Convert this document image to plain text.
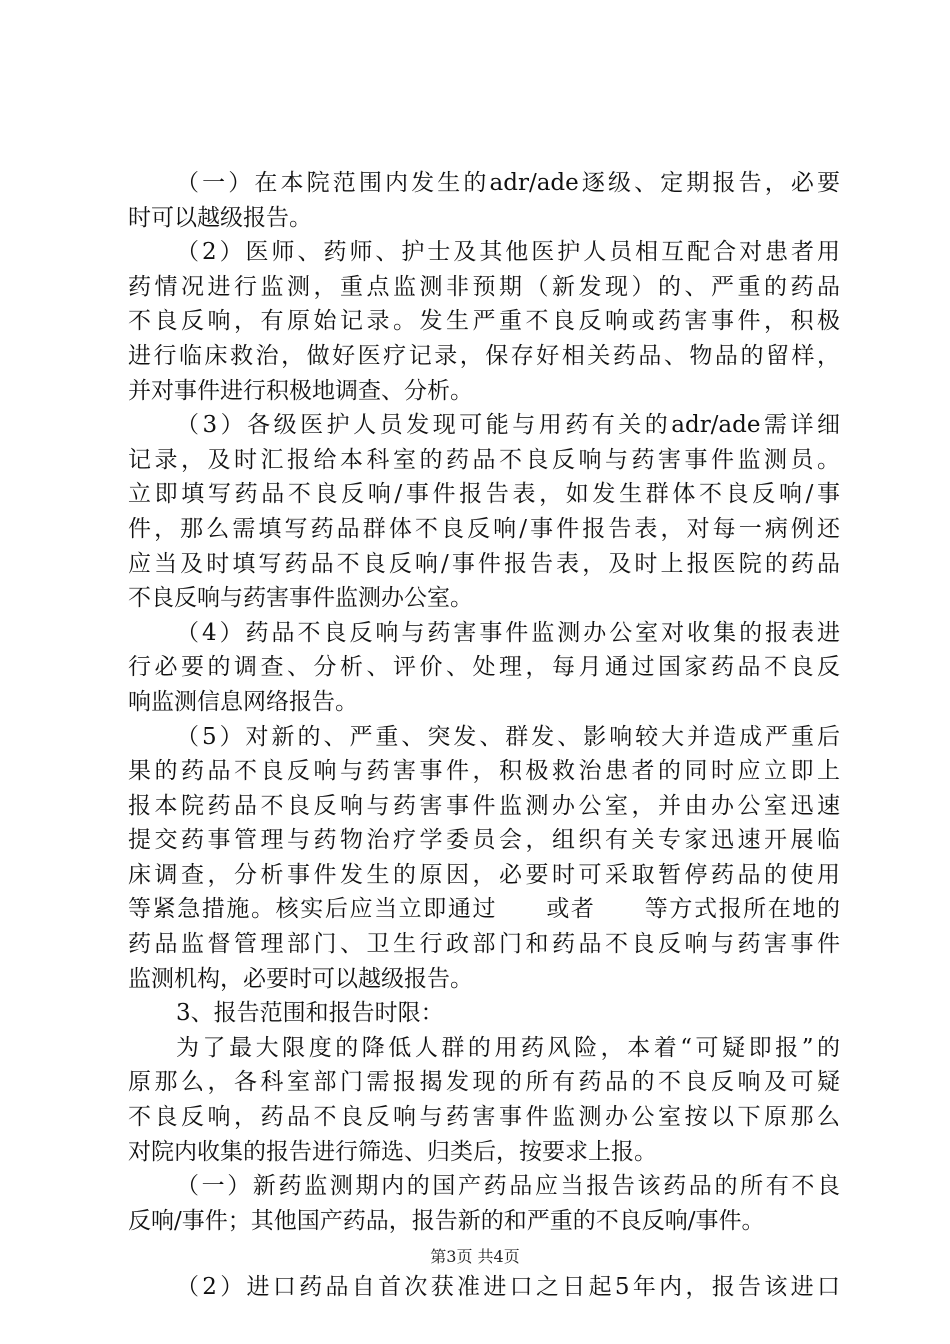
（一）在本院范围内发生的adr/ade逐级、定期报告，必要
时可以越级报告。
（2）医师、药师、护士及其他医护人员相互配合对患者用
药情况进行监测，重点监测非预期（新发现）的、严重的药品
不良反响，有原始记录。发生严重不良反响或药害事件，积极
进行临床救治，做好医疗记录，保存好相关药品、物品的留样，
并对事件进行积极地调查、分析。
（3）各级医护人员发现可能与用药有关的adr/ade需详细
记录，及时汇报给本科室的药品不良反响与药害事件监测员。
立即填写药品不良反响/事件报告表，如发生群体不良反响/事
件，那么需填写药品群体不良反响/事件报告表，对每一病例还
应当及时填写药品不良反响/事件报告表，及时上报医院的药品
不良反响与药害事件监测办公室。
（4）药品不良反响与药害事件监测办公室对收集的报表进
行必要的调查、分析、评价、处理，每月通过国家药品不良反
响监测信息网络报告。
（5）对新的、严重、突发、群发、影响较大并造成严重后
果的药品不良反响与药害事件，积极救治患者的同时应立即上
报本院药品不良反响与药害事件监测办公室，并由办公室迅速
提交药事管理与药物治疗学委员会，组织有关专家迅速开展临
床调查，分析事件发生的原因，必要时可采取暂停药品的使用
等紧急措施。核实后应当立即通过　　或者　　等方式报所在地的
药品监督管理部门、卫生行政部门和药品不良反响与药害事件
监测机构，必要时可以越级报告。
3、报告范围和报告时限：
为了最大限度的降低人群的用药风险，本着“可疑即报”的
原那么，各科室部门需报揭发现的所有药品的不良反响及可疑
不良反响，药品不良反响与药害事件监测办公室按以下原那么
对院内收集的报告进行筛选、归类后，按要求上报。
（一）新药监测期内的国产药品应当报告该药品的所有不良
反响/事件；其他国产药品，报告新的和严重的不良反响/事件。
（2）进口药品自首次获准进口之日起5年内，报告该进口
第3页 共4页
